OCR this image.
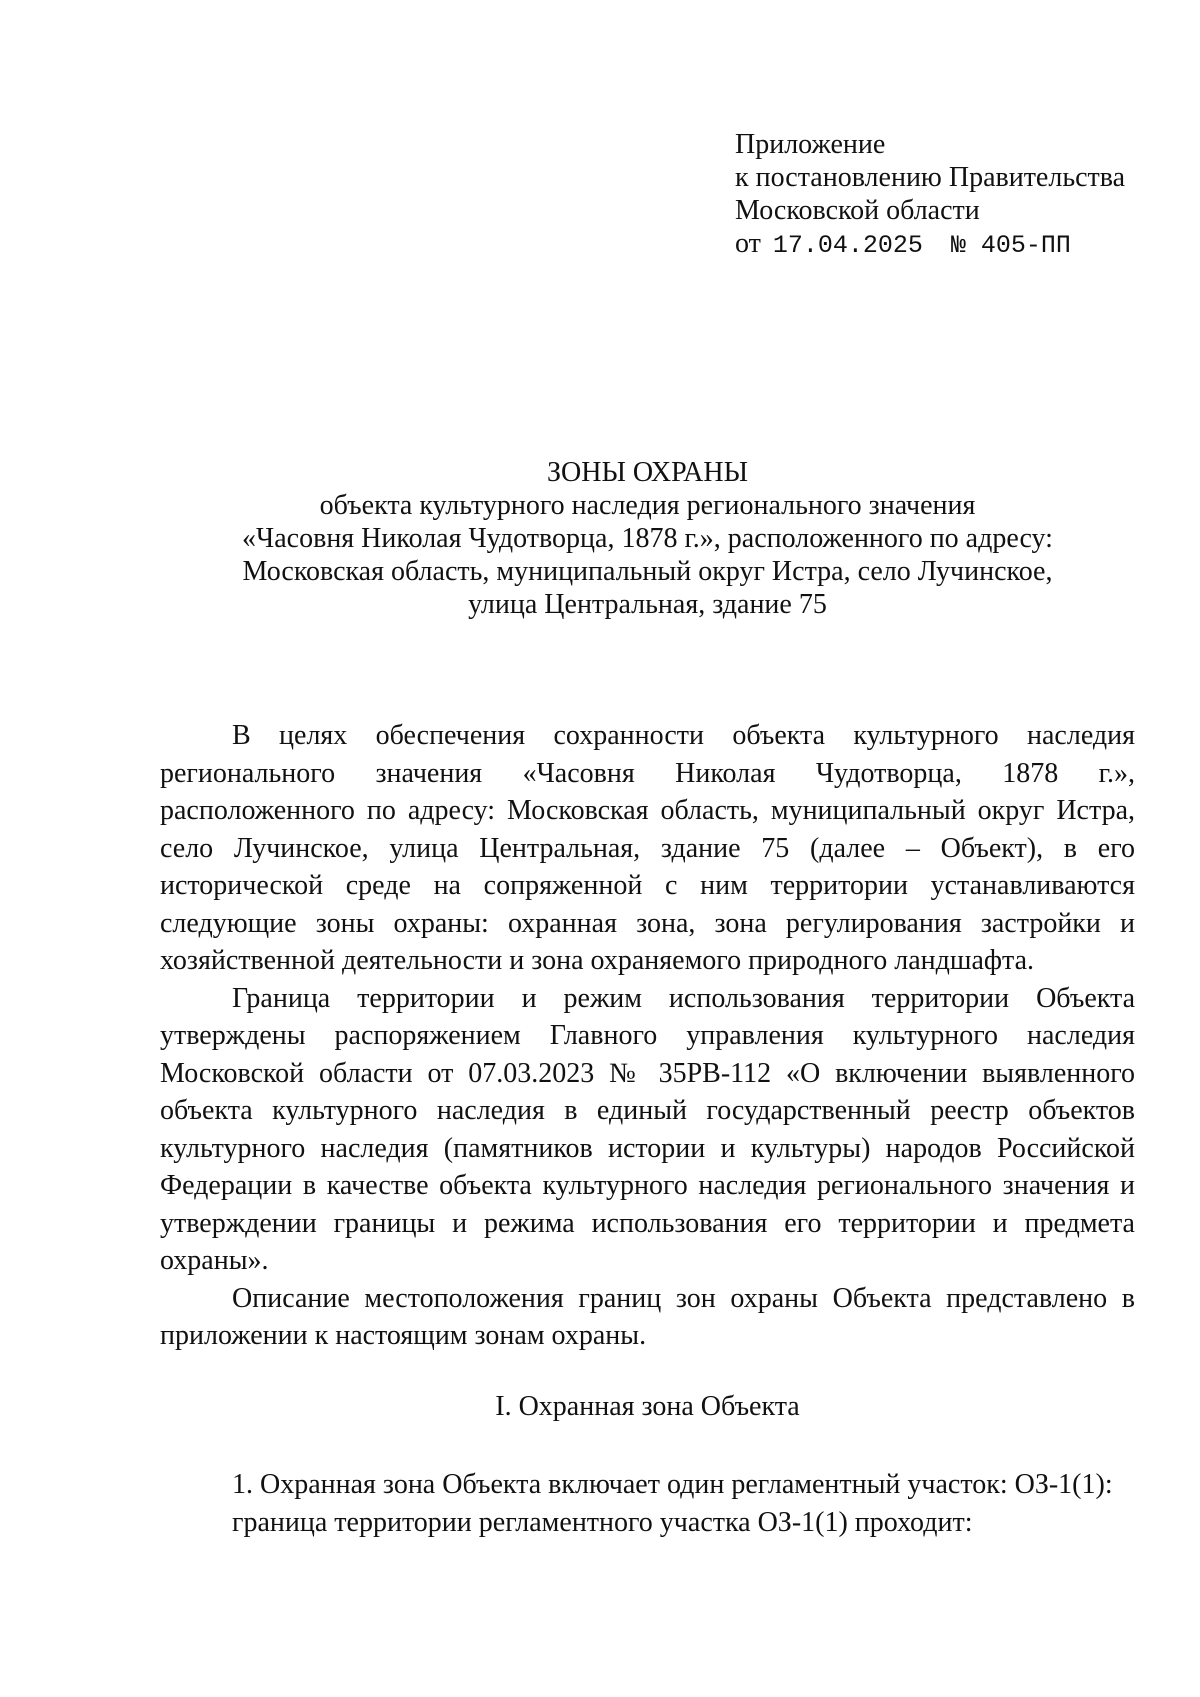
Приложение
к постановлению Правительства
Московской области
от 17.04.2025 № 405-ПП
ЗОНЫ ОХРАНЫ
объекта культурного наследия регионального значения
«Часовня Николая Чудотворца, 1878 г.», расположенного по адресу:
Московская область, муниципальный округ Истра, село Лучинское,
улица Центральная, здание 75

В целях обеспечения сохранности объекта культурного наследия регионального значения «Часовня Николая Чудотворца, 1878 г.», расположенного по адресу: Московская область, муниципальный округ Истра, село Лучинское, улица Центральная, здание 75 (далее – Объект), в его исторической среде на сопряженной с ним территории устанавливаются следующие зоны охраны: охранная зона, зона регулирования застройки и хозяйственной деятельности и зона охраняемого природного ландшафта.

Граница территории и режим использования территории Объекта утверждены распоряжением Главного управления культурного наследия Московской области от 07.03.2023 № 35РВ-112 «О включении выявленного объекта культурного наследия в единый государственный реестр объектов культурного наследия (памятников истории и культуры) народов Российской Федерации в качестве объекта культурного наследия регионального значения и утверждении границы и режима использования его территории и предмета охраны».

Описание местоположения границ зон охраны Объекта представлено в приложении к настоящим зонам охраны.

I. Охранная зона Объекта
1. Охранная зона Объекта включает один регламентный участок: ОЗ-1(1):
граница территории регламентного участка ОЗ-1(1) проходит:
